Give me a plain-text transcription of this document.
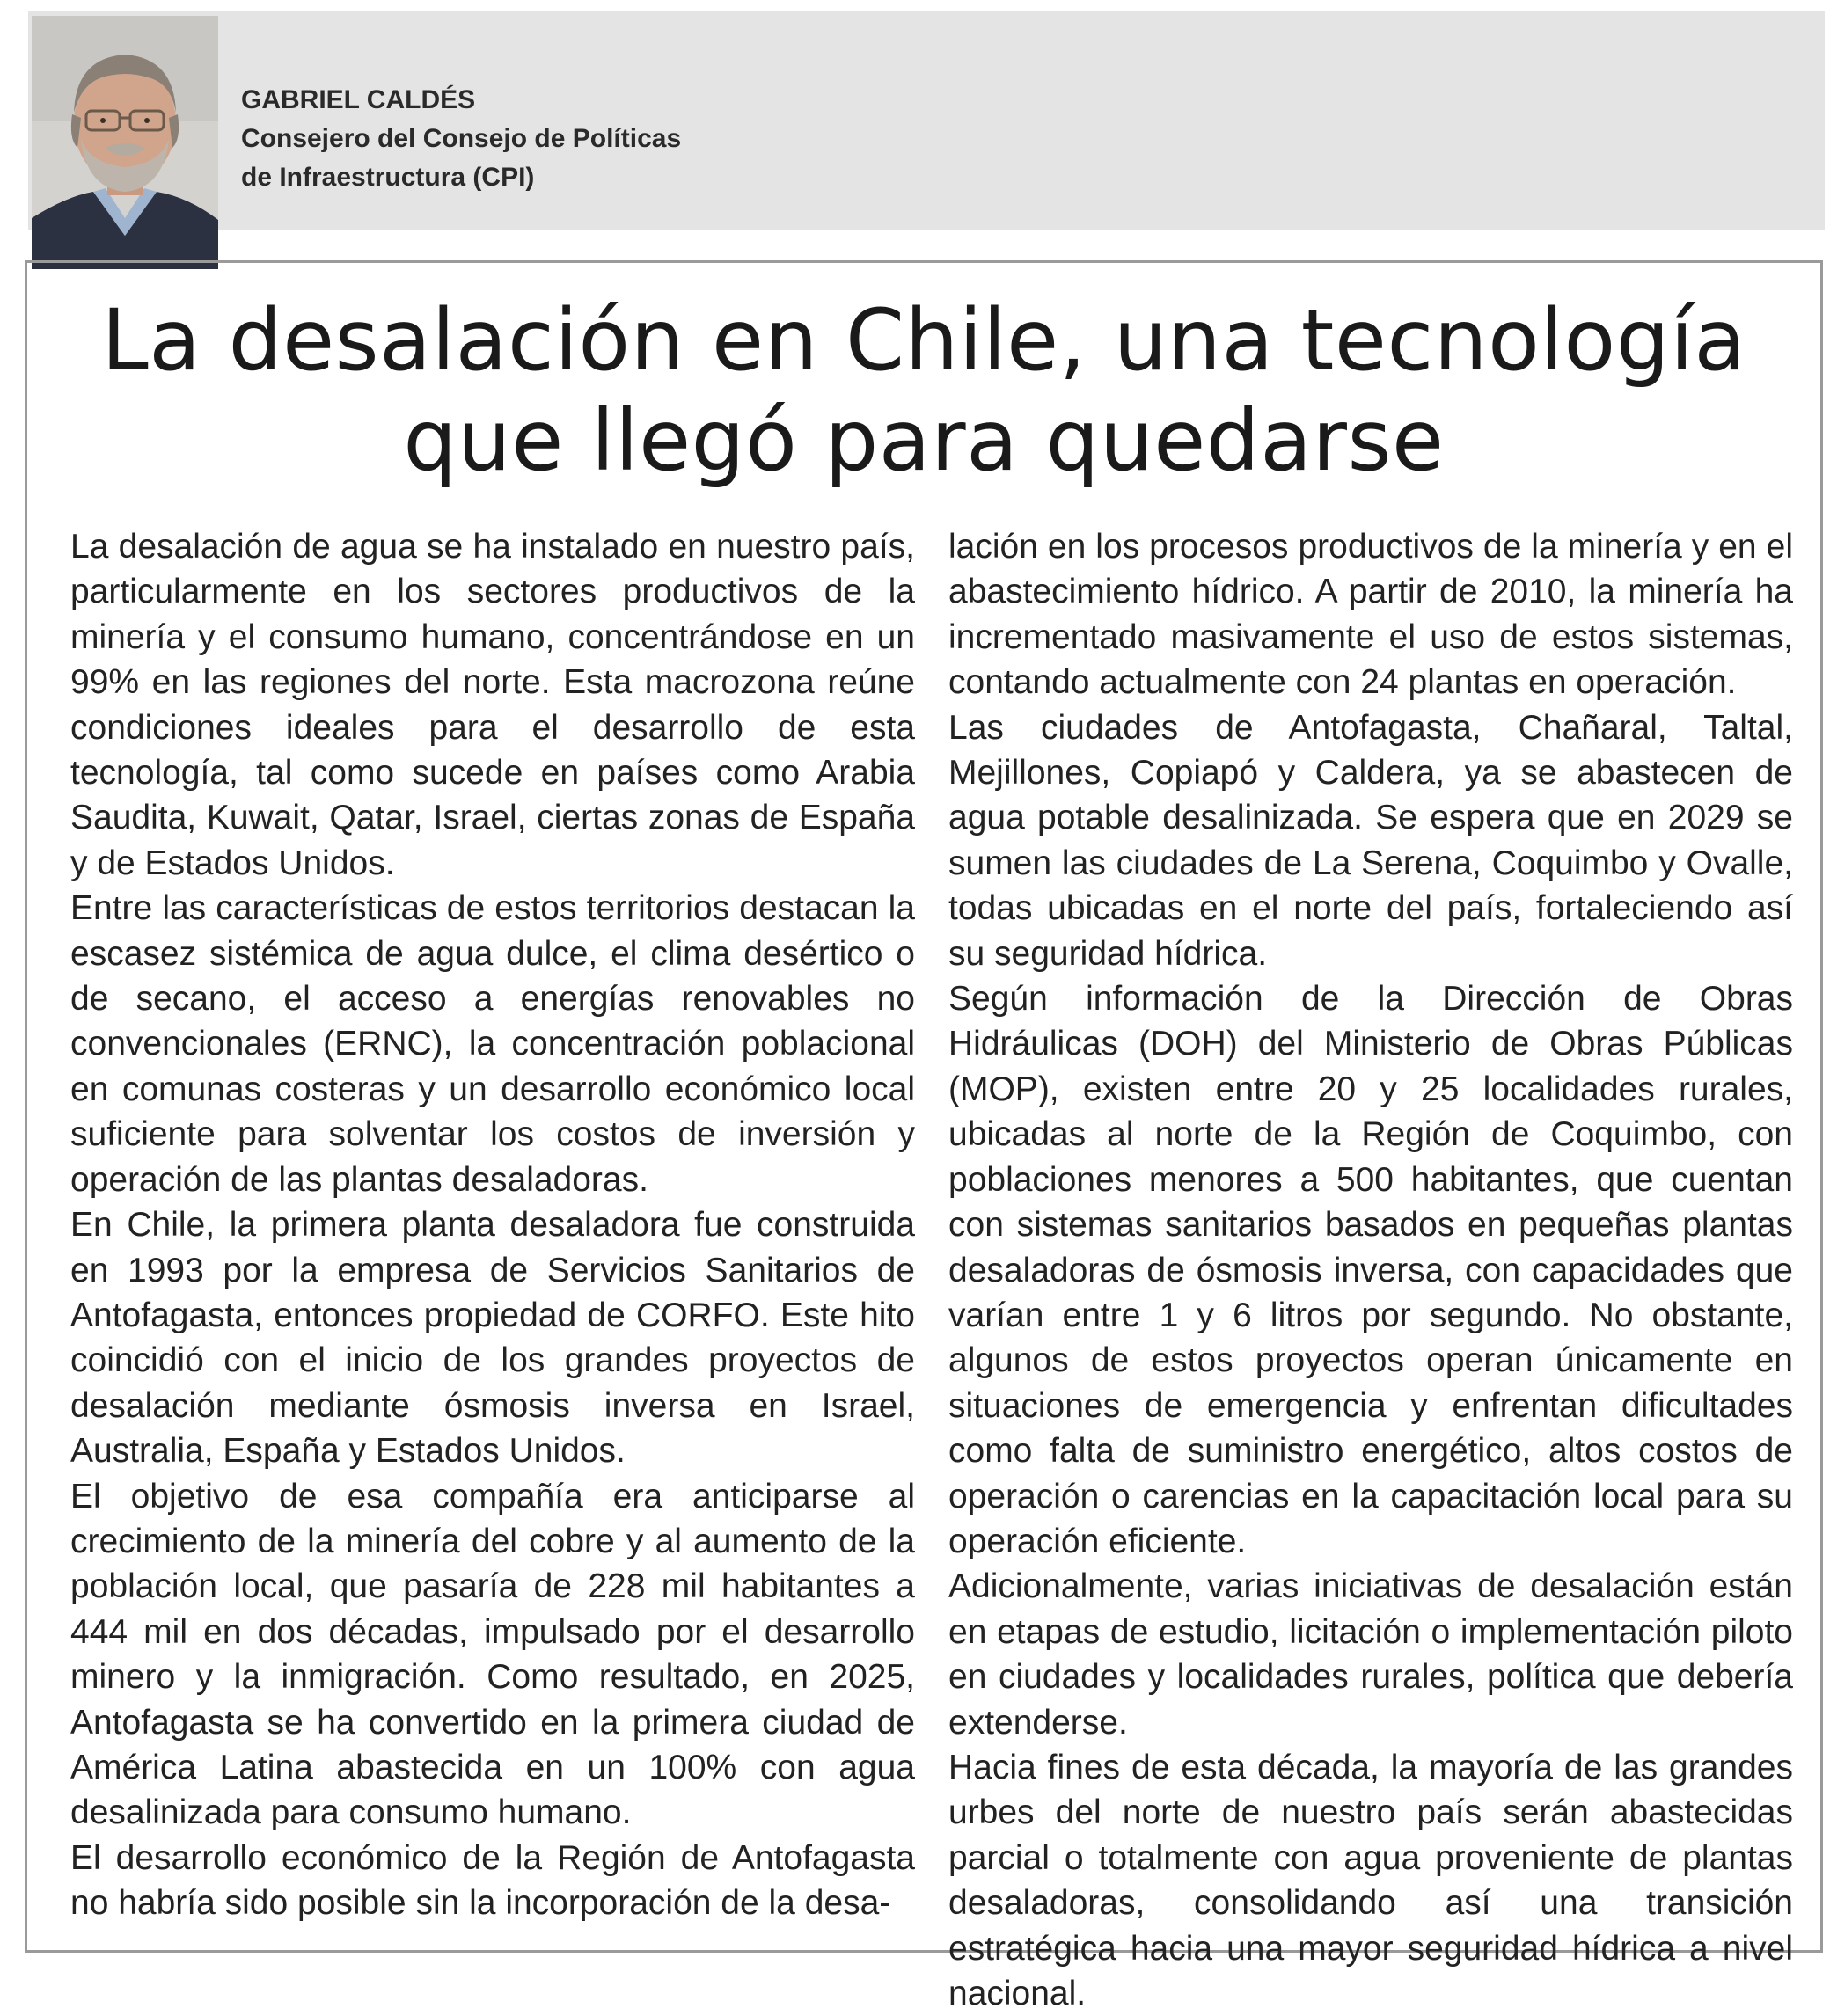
GABRIEL CALDÉS
Consejero del Consejo de Políticas
de Infraestructura (CPI)
La desalación en Chile, una tecnología
que llegó para quedarse

La desalación de agua se ha instalado en nuestro país, particularmente en los sectores productivos de la minería y el consumo humano, concentrándose en un 99% en las regiones del norte. Esta macrozona reúne condiciones ideales para el desarrollo de esta tecnología, tal como sucede en países como Arabia Saudita, Kuwait, Qatar, Israel, ciertas zonas de España y de Estados Unidos.

Entre las características de estos territorios destacan la escasez sistémica de agua dulce, el clima desértico o de secano, el acceso a energías renovables no convencionales (ERNC), la concentración poblacional en comunas costeras y un desarrollo económico local suficiente para solventar los costos de inversión y operación de las plantas desaladoras.

En Chile, la primera planta desaladora fue construida en 1993 por la empresa de Servicios Sanitarios de Antofagasta, entonces propiedad de CORFO. Este hito coincidió con el inicio de los grandes proyectos de desalación mediante ósmosis inversa en Israel, Australia, España y Estados Unidos.

El objetivo de esa compañía era anticiparse al crecimiento de la minería del cobre y al aumento de la población local, que pasaría de 228 mil habitantes a 444 mil en dos décadas, impulsado por el desarrollo minero y la inmigración. Como resultado, en 2025, Antofagasta se ha convertido en la primera ciudad de América Latina abastecida en un 100% con agua desalinizada para consumo humano.

El desarrollo económico de la Región de Antofagasta no habría sido posible sin la incorporación de la desa-

lación en los procesos productivos de la minería y en el abastecimiento hídrico. A partir de 2010, la minería ha incrementado masivamente el uso de estos sistemas, contando actualmente con 24 plantas en operación.

Las ciudades de Antofagasta, Chañaral, Taltal, Mejillones, Copiapó y Caldera, ya se abastecen de agua potable desalinizada. Se espera que en 2029 se sumen las ciudades de La Serena, Coquimbo y Ovalle, todas ubicadas en el norte del país, fortaleciendo así su seguridad hídrica.

Según información de la Dirección de Obras Hidráulicas (DOH) del Ministerio de Obras Públicas (MOP), existen entre 20 y 25 localidades rurales, ubicadas al norte de la Región de Coquimbo, con poblaciones menores a 500 habitantes, que cuentan con sistemas sanitarios basados en pequeñas plantas desaladoras de ósmosis inversa, con capacidades que varían entre 1 y 6 litros por segundo. No obstante, algunos de estos proyectos operan únicamente en situaciones de emergencia y enfrentan dificultades como falta de suministro energético, altos costos de operación o carencias en la capacitación local para su operación eficiente.

Adicionalmente, varias iniciativas de desalación están en etapas de estudio, licitación o implementación piloto en ciudades y localidades rurales, política que debería extenderse.

Hacia fines de esta década, la mayoría de las grandes urbes del norte de nuestro país serán abastecidas parcial o totalmente con agua proveniente de plantas desaladoras, consolidando así una transición estratégica hacia una mayor seguridad hídrica a nivel nacional.
